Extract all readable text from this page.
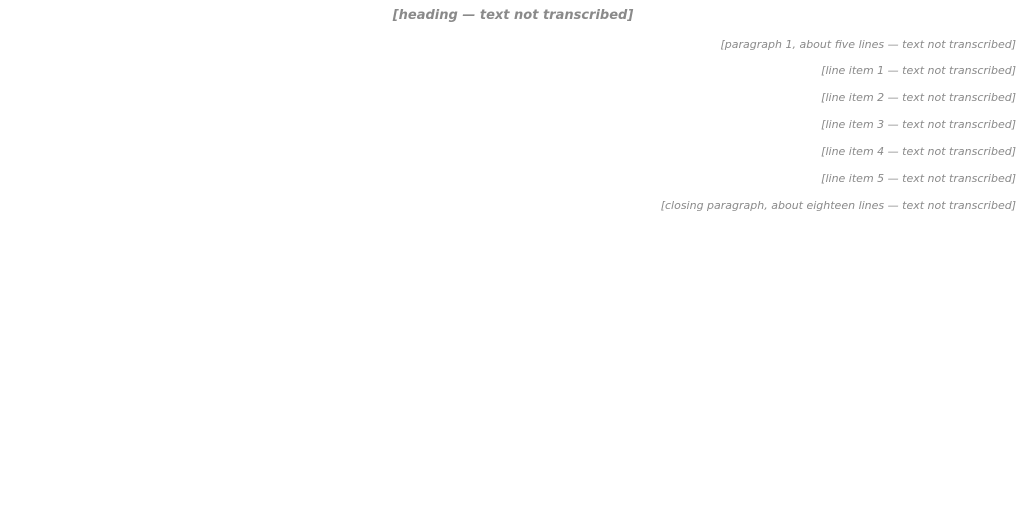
[heading — text not transcribed]

[paragraph 1, about five lines — text not transcribed]

[line item 1 — text not transcribed]

[line item 2 — text not transcribed]

[line item 3 — text not transcribed]

[line item 4 — text not transcribed]

[line item 5 — text not transcribed]

[closing paragraph, about eighteen lines — text not transcribed]
